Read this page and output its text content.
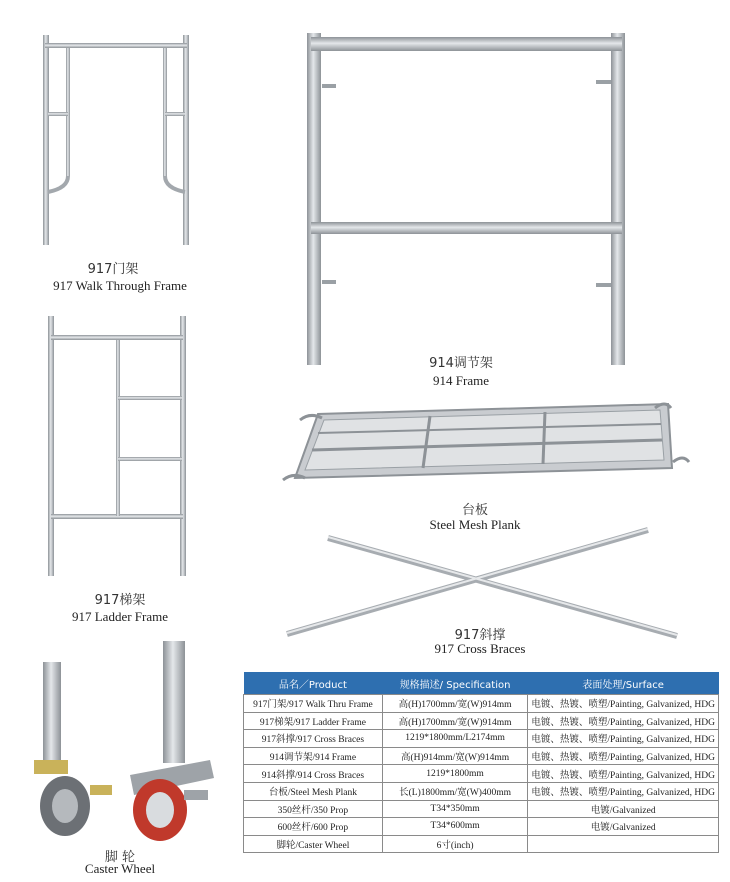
917门架
917 Walk Through Frame
914调节架
914 Frame
917梯架
917 Ladder Frame
台板
Steel Mesh Plank
917斜撑
917 Cross Braces
脚 轮
Caster Wheel
品名／Product	规格描述/ Specification	表面处理/Surface
917门架/917 Walk Thru Frame	高(H)1700mm/宽(W)914mm	电镀、热镀、喷塑/Painting, Galvanized, HDG
917梯架/917 Ladder Frame	高(H)1700mm/宽(W)914mm	电镀、热镀、喷塑/Painting, Galvanized, HDG
917斜撑/917 Cross Braces	1219*1800mm/L2174mm	电镀、热镀、喷塑/Painting, Galvanized, HDG
914调节架/914 Frame	高(H)914mm/宽(W)914mm	电镀、热镀、喷塑/Painting, Galvanized, HDG
914斜撑/914 Cross Braces	1219*1800mm	电镀、热镀、喷塑/Painting, Galvanized, HDG
台板/Steel Mesh Plank	长(L)1800mm/宽(W)400mm	电镀、热镀、喷塑/Painting, Galvanized, HDG
350丝杆/350 Prop	T34*350mm	电镀/Galvanized
600丝杆/600 Prop	T34*600mm	电镀/Galvanized
脚轮/Caster Wheel	6寸(inch)	
